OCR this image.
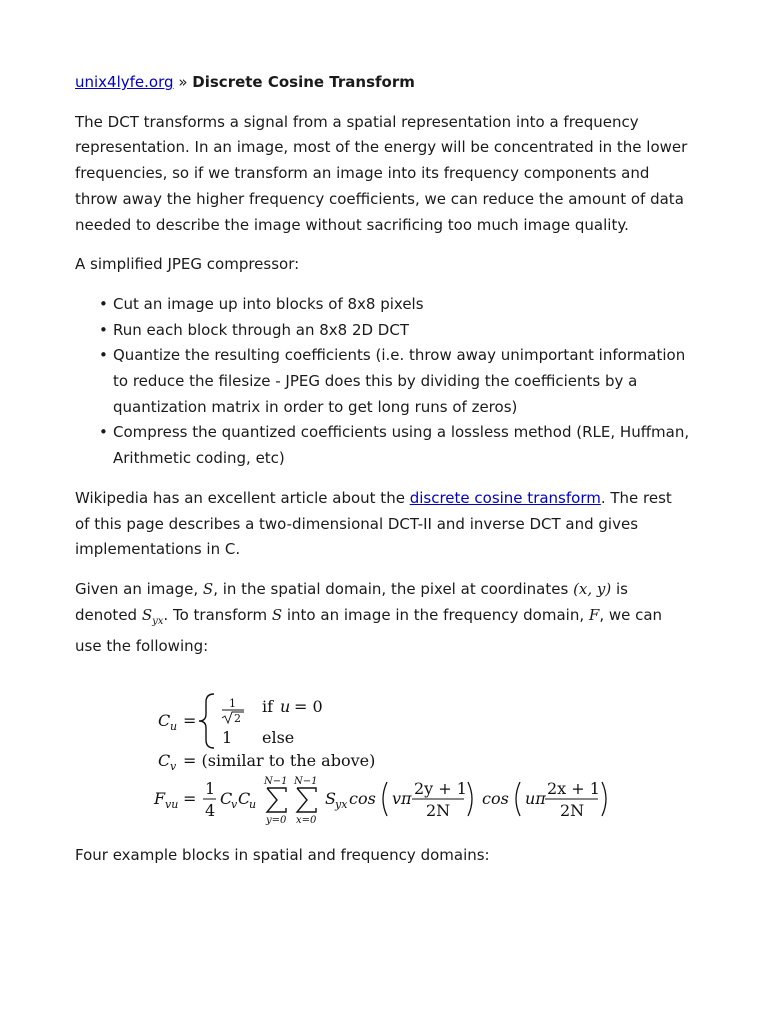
unix4lyfe.org » Discrete Cosine Transform

The DCT transforms a signal from a spatial representation into a frequency representation. In an image, most of the energy will be concentrated in the lower frequencies, so if we transform an image into its frequency components and throw away the higher frequency coefficients, we can reduce the amount of data needed to describe the image without sacrificing too much image quality.

A simplified JPEG compressor:

• Cut an image up into blocks of 8x8 pixels
• Run each block through an 8x8 2D DCT
• Quantize the resulting coefficients (i.e. throw away unimportant information to reduce the filesize - JPEG does this by dividing the coefficients by a quantization matrix in order to get long runs of zeros)
• Compress the quantized coefficients using a lossless method (RLE, Huffman, Arithmetic coding, etc)

Wikipedia has an excellent article about the discrete cosine transform. The rest of this page describes a two-dimensional DCT-II and inverse DCT and gives implementations in C.

Given an image, S, in the spatial domain, the pixel at coordinates (x, y) is denoted $S_{yx}$. To transform S into an image in the frequency domain, F, we can use the following:

C u =
1
2
if u = 0
1 else
C v = (similar to the above)
F vu =
1
4
C
v C
u
N−1
y=0
N−1
x=0
S yx cos vπ
2y + 1
2N
cos uπ
2x + 1
2N

Four example blocks in spatial and frequency domains:
